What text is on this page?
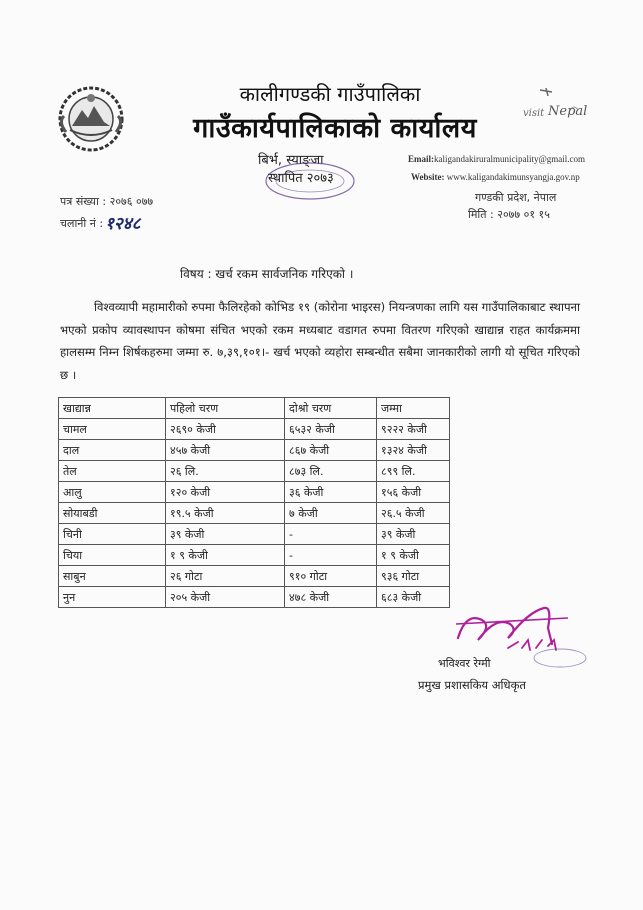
कालीगण्डकी गाउँपालिका
गाउँकार्यपालिकाको कार्यालय	visit Nepal
बिर्भ, स्याङ्जा
स्थापित २०७३
Email:kaligandakiruralmunicipality@gmail.com
Website: www.kaligandakimunsyangja.gov.np
गण्डकी प्रदेश, नेपाल
मिति : २०७७ ०१ १५
पत्र संख्या : २०७६ ०७७
चलानी नं : १२४८
विषय : खर्च रकम सार्वजनिक गरिएको ।
विश्वव्यापी महामारीको रुपमा फैलिरहेको कोभिड १९ (कोरोना भाइरस) नियन्त्रणका लागि यस गाउँपालिकाबाट स्थापना भएको प्रकोप व्यावस्थापन कोषमा संचित भएको रकम मध्यबाट वडागत रुपमा वितरण गरिएको खाद्यान्न राहत कार्यक्रममा हालसम्म निम्न शिर्षकहरुमा जम्मा रु. ७,३९,१०१।- खर्च भएको व्यहोरा सम्बन्धीत सबैमा जानकारीको लागी यो सूचित गरिएको छ ।
खाद्यान्न	पहिलो चरण	दोश्रो चरण	जम्मा
चामल	२६९० केजी	६५३२ केजी	९२२२ केजी
दाल	४५७ केजी	८६७ केजी	१३२४ केजी
तेल	२६ लि.	८७३ लि.	८९९ लि.
आलु	१२० केजी	३६ केजी	१५६ केजी
सोयाबडी	१९.५ केजी	७ केजी	२६.५ केजी
चिनी	३९ केजी	-	३९ केजी
चिया	१ ९ केजी	-	१ ९ केजी
साबुन	२६ गोटा	९१० गोटा	९३६ गोटा
नुन	२०५ केजी	४७८ केजी	६८३ केजी
भविश्वर रेग्मी
प्रमुख प्रशासकिय अधिकृत
